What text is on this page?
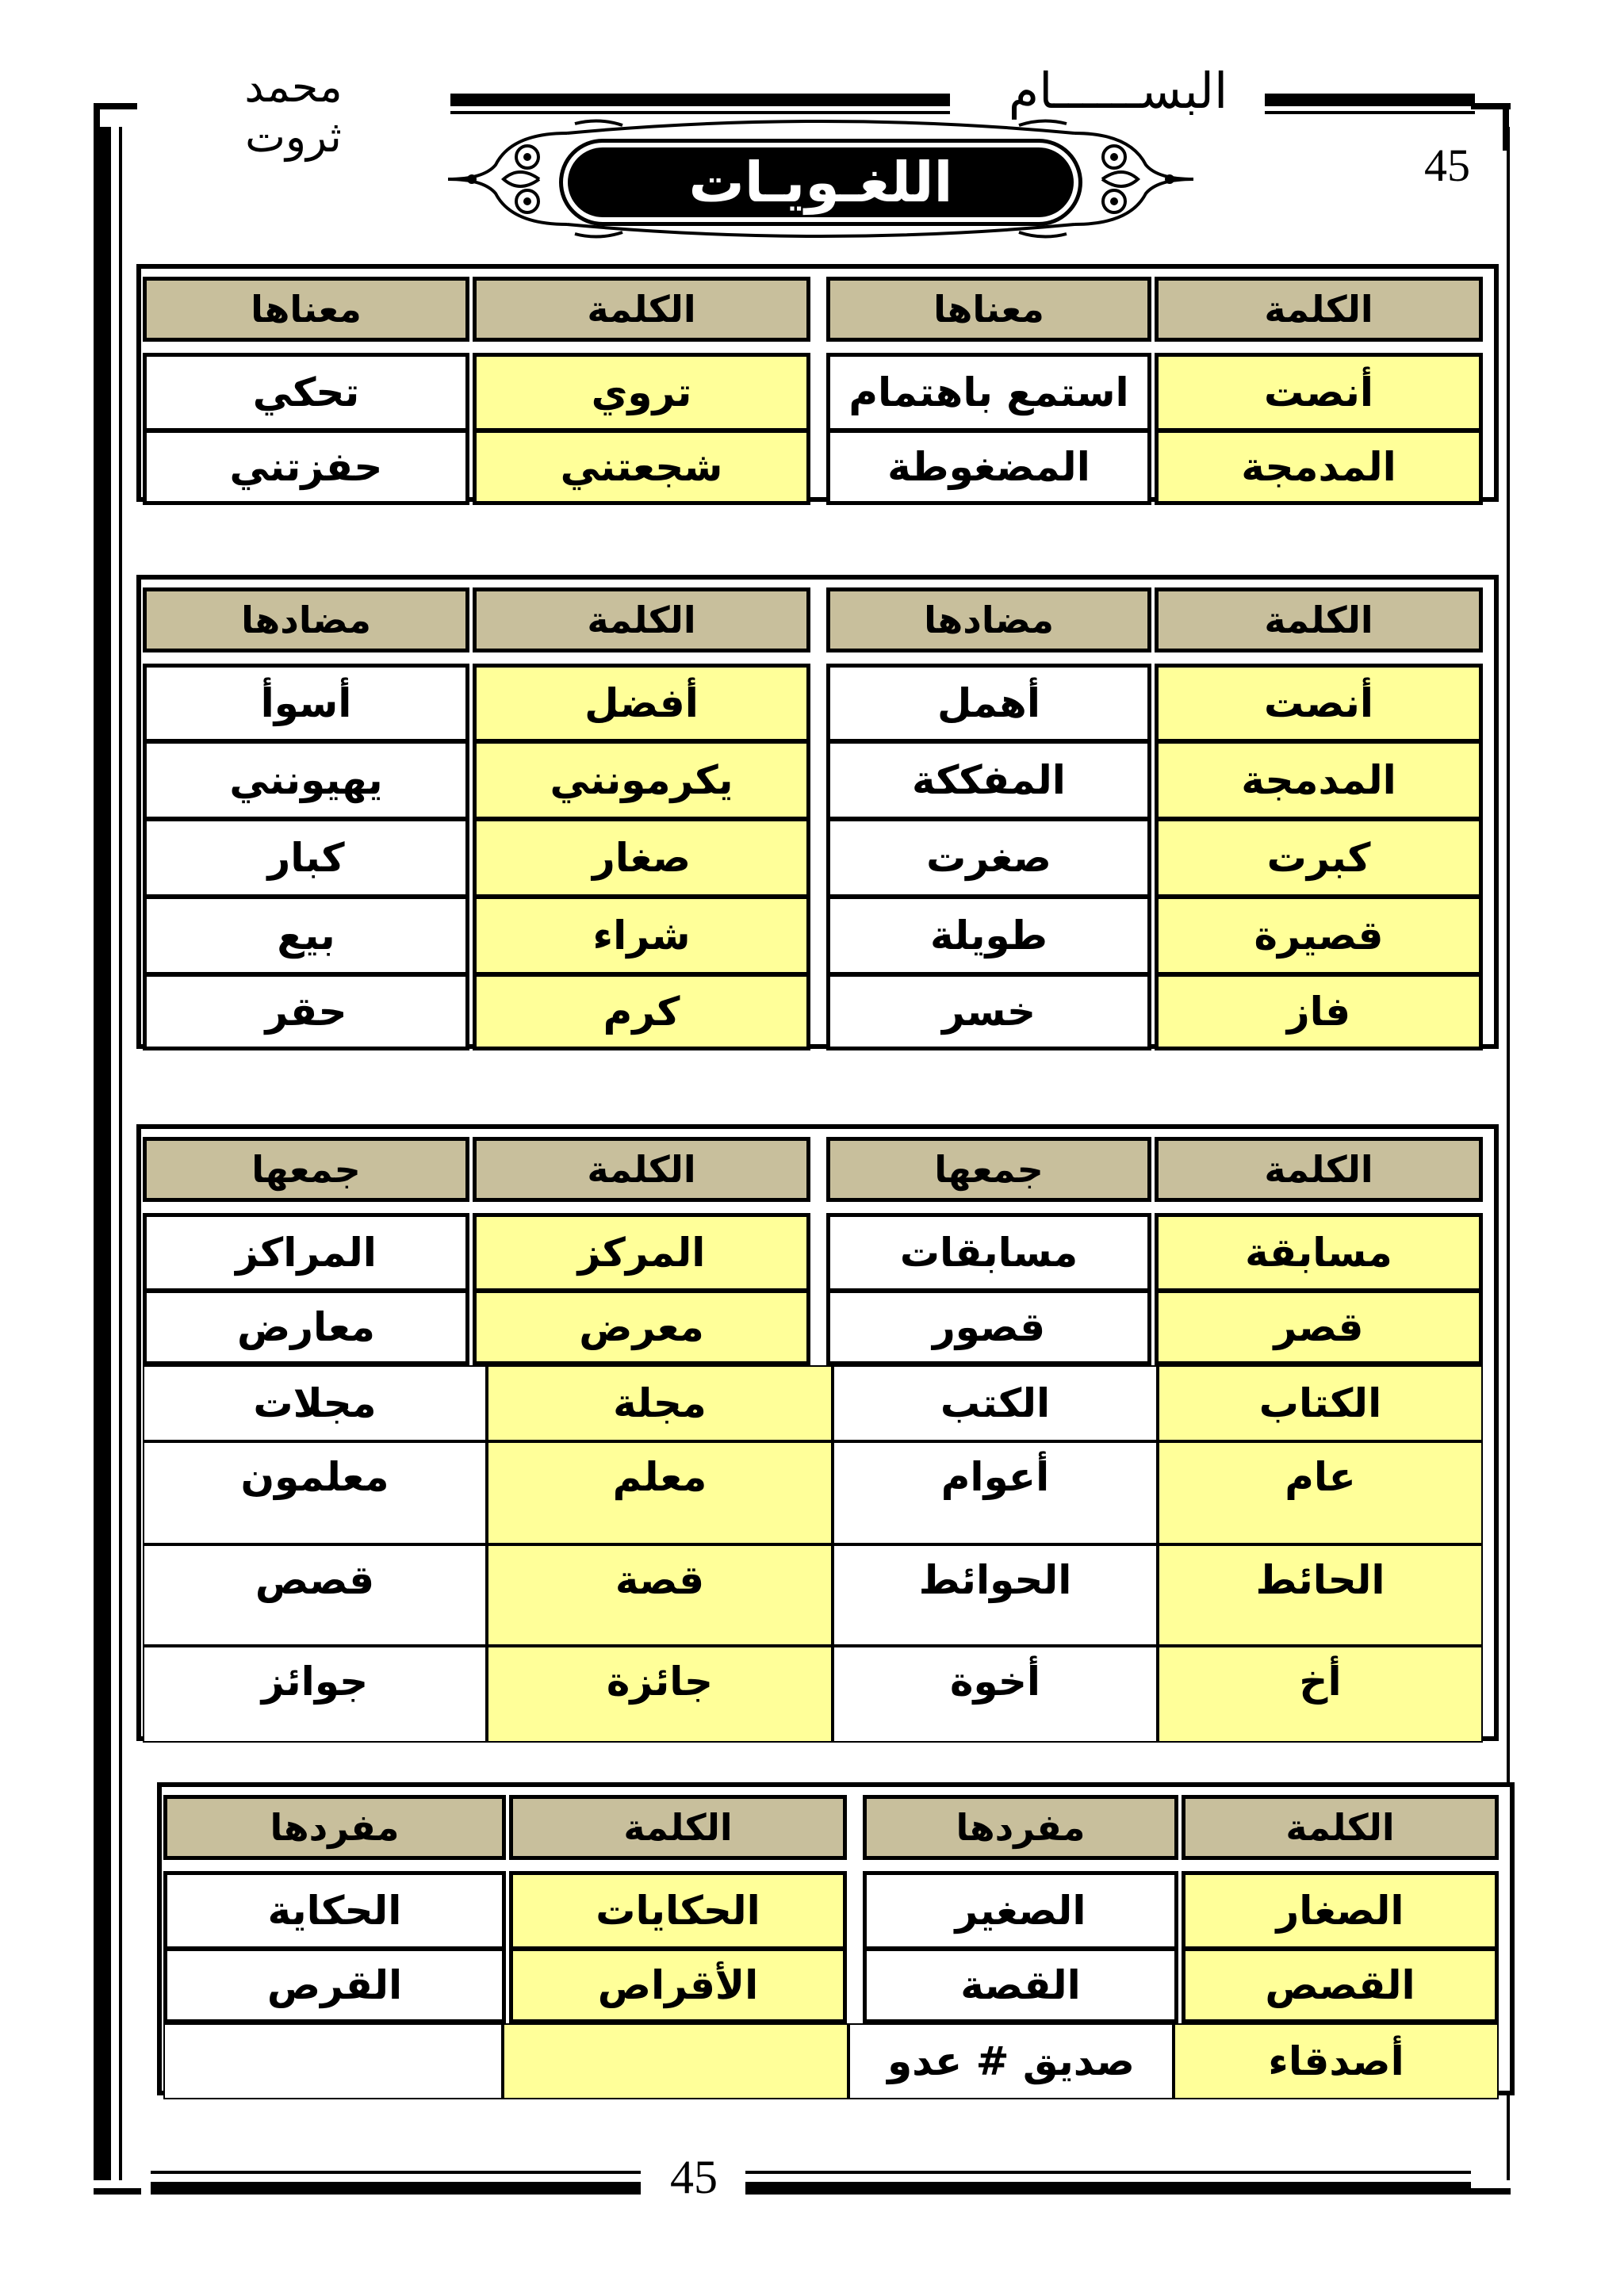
البســــــام
محمد ثروت
45
45
اللغـويـات
الكلمة
معناها
الكلمة
معناها
أنصت
استمع باهتمام
تروي
تحكي
المدمجة
المضغوطة
شجعتني
حفزتني
الكلمة
مضادها
الكلمة
مضادها
أنصت
أهمل
أفضل
أسوأ
المدمجة
المفككة
يكرمونني
يهيونني
كبرت
صغرت
صغار
كبار
قصيرة
طويلة
شراء
بيع
فاز
خسر
كرم
حقر
الكلمة
جمعها
الكلمة
جمعها
مسابقة
مسابقات
المركز
المراكز
قصر
قصور
معرض
معارض
الكتاب
الكتب
مجلة
مجلات
عام
أعوام
معلم
معلمون
الحائط
الحوائط
قصة
قصص
أخ
أخوة
جائزة
جوائز
الكلمة
مفردها
الكلمة
مفردها
الصغار
الصغير
الحكايات
الحكاية
القصص
القصة
الأقراص
القرص
أصدقاء
صديق # عدو
